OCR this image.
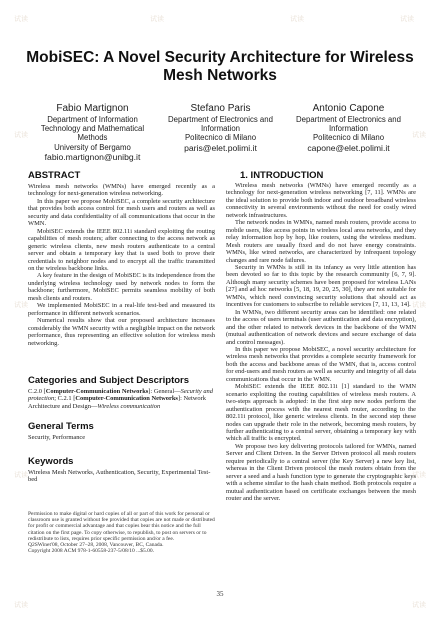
试读	试读	试读	试读
试读	试读
试读	试读
试读	试读
试读	试读
MobiSEC: A Novel Security Architecture for Wireless Mesh Networks
Fabio Martignon
Department of Information
Technology and Mathematical
Methods
University of Bergamo
fabio.martignon@unibg.it
Stefano Paris
Department of Electronics and
Information
Politecnico di Milano
paris@elet.polimi.it
Antonio Capone
Department of Electronics and
Information
Politecnico di Milano
capone@elet.polimi.it
ABSTRACT

Wireless mesh networks (WMNs) have emerged recently as a technology for next-generation wireless networking.

In this paper we propose MobiSEC, a complete security architecture that provides both access control for mesh users and routers as well as security and data confidentiality of all communications that occur in the WMN.

MobiSEC extends the IEEE 802.11i standard exploiting the routing capabilities of mesh routers; after connecting to the access network as generic wireless clients, new mesh routers authenticate to a central server and obtain a temporary key that is used both to prove their credentials to neighbor nodes and to encrypt all the traffic transmitted on the wireless backbone links.

A key feature in the design of MobiSEC is its independence from the underlying wireless technology used by network nodes to form the backbone; furthermore, MobiSEC permits seamless mobility of both mesh clients and routers.

We implemented MobiSEC in a real-life test-bed and measured its performance in different network scenarios.

Numerical results show that our proposed architecture increases considerably the WMN security with a negligible impact on the network performance, thus representing an effective solution for wireless mesh networking.

Categories and Subject Descriptors
C.2.0 [Computer-Communication Networks]: General—Security and protection; C.2.1 [Computer-Communication Networks]: Network Architecture and Design—Wireless communication
General Terms
Security, Performance
Keywords
Wireless Mesh Networks, Authentication, Security, Experimental Test-bed
Permission to make digital or hard copies of all or part of this work for personal or classroom use is granted without fee provided that copies are not made or distributed for profit or commercial advantage and that copies bear this notice and the full citation on the first page. To copy otherwise, to republish, to post on servers or to redistribute to lists, requires prior specific permission and/or a fee.
Q2SWinet'08, October 27–28, 2008, Vancouver, BC, Canada.
Copyright 2008 ACM 978-1-60558-237-5/08/10 ...$5.00.
1. INTRODUCTION

Wireless mesh networks (WMNs) have emerged recently as a technology for next-generation wireless networking [7, 11]. WMNs are the ideal solution to provide both indoor and outdoor broadband wireless connectivity in several environments without the need for costly wired network infrastructures.

The network nodes in WMNs, named mesh routers, provide access to mobile users, like access points in wireless local area networks, and they relay information hop by hop, like routers, using the wireless medium. Mesh routers are usually fixed and do not have energy constraints. WMNs, like wired networks, are characterized by infrequent topology changes and rare node failures.

Security in WMNs is still in its infancy as very little attention has been devoted so far to this topic by the research community [6, 7, 9]. Although many security schemes have been proposed for wireless LANs [27] and ad hoc networks [5, 18, 19, 20, 25, 30], they are not suitable for WMNs, which need convincing security solutions that should act as incentives for customers to subscribe to reliable services [7, 11, 13, 14].

In WMNs, two different security areas can be identified: one related to the access of users terminals (user authentication and data encryption), and the other related to network devices in the backbone of the WMN (mutual authentication of network devices and secure exchange of data and control messages).

In this paper we propose MobiSEC, a novel security architecture for wireless mesh networks that provides a complete security framework for both the access and backbone areas of the WMN, that is, access control for end-users and mesh routers as well as security and integrity of all data communications that occur in the WMN.

MobiSEC extends the IEEE 802.11i [1] standard to the WMN scenario exploiting the routing capabilities of wireless mesh routers. A two-steps approach is adopted: in the first step new nodes perform the authentication process with the nearest mesh router, according to the 802.11i protocol, like generic wireless clients. In the second step these nodes can upgrade their role in the network, becoming mesh routers, by further authenticating to a central server, obtaining a temporary key with which all traffic is encrypted.

We propose two key delivering protocols tailored for WMNs, named Server and Client Driven. In the Server Driven protocol all mesh routers require periodically to a central server (the Key Server) a new key list, whereas in the Client Driven protocol the mesh routers obtain from the server a seed and a hash function type to generate the cryptographic keys with a scheme similar to the hash chain method. Both protocols require a mutual authentication based on certificate exchanges between the mesh router and the server.

35
